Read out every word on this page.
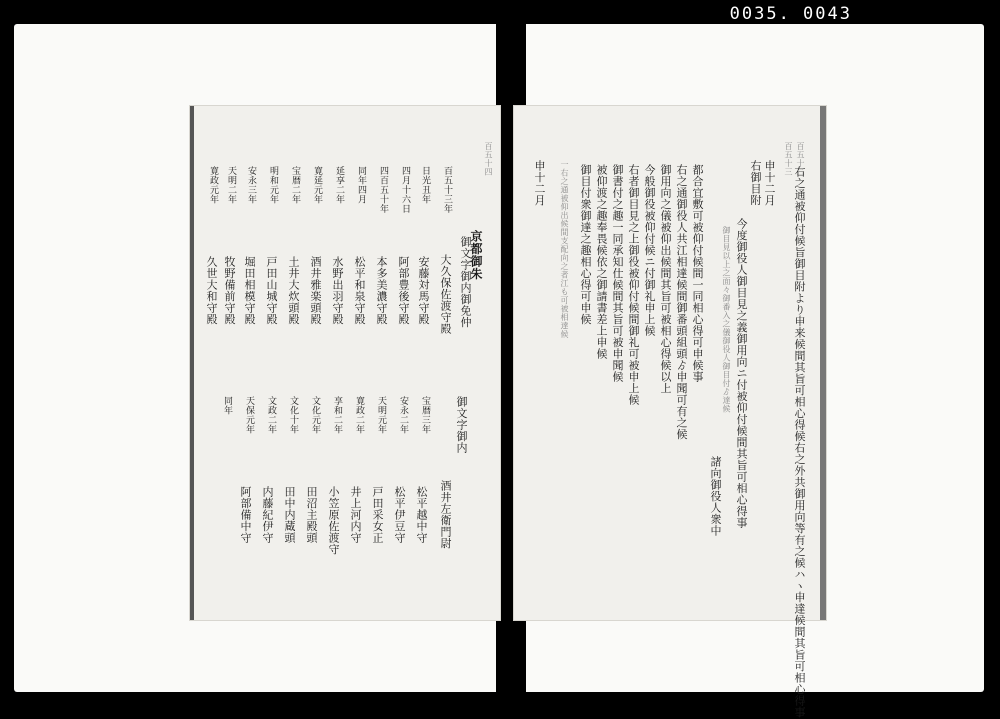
0035. 0043
百五十四
京都御朱
御文字御内御免仲
御文字御内
百五十三年
日光丑年
四月十六日
四百五十年
同年四月
延享二年
寛延元年
宝暦二年
明和元年
安永三年
天明二年
寛政元年
大久保佐渡守殿
安藤対馬守殿
阿部豊後守殿
本多美濃守殿
松平和泉守殿
水野出羽守殿
酒井雅楽頭殿
土井大炊頭殿
戸田山城守殿
堀田相模守殿
牧野備前守殿
久世大和守殿
宝暦三年
安永二年
天明元年
寛政二年
享和二年
文化元年
文化十年
文政二年
天保元年
同年
酒井左衛門尉
松平越中守
松平伊豆守
戸田采女正
井上河内守
小笠原佐渡守
田沼主殿頭
田中内蔵頭
内藤紀伊守
阿部備中守
百五十二
百五十三
右之通被仰付候旨御目附より申来候間其旨可相心得候右之外共御用向等有之候ハヽ申達候間其旨可相心得事
申十二月
右御目附
今度御役人御目見之義御用向ニ付被仰付候間其旨可相心得事
御目見以上之面々御番入之儀御役人御目付ゟ達候
諸向御役人衆中
都合宜敷可被仰付候間一同相心得可申候事
右之通御役人共江相達候間御番頭組頭ゟ申聞可有之候
御用向之儀被仰出候間其旨可被相心得候以上
今般御役被仰付候ニ付御礼申上候
右者御目見之上御役被仰付候間御礼可被申上候
御書付之趣一同承知仕候間其旨可被申聞候
被仰渡之趣奉畏候依之御請書差上申候
御目付衆御達之趣相心得可申候
一右之通被仰出候間支配向之者江も可被相達候
申十二月
